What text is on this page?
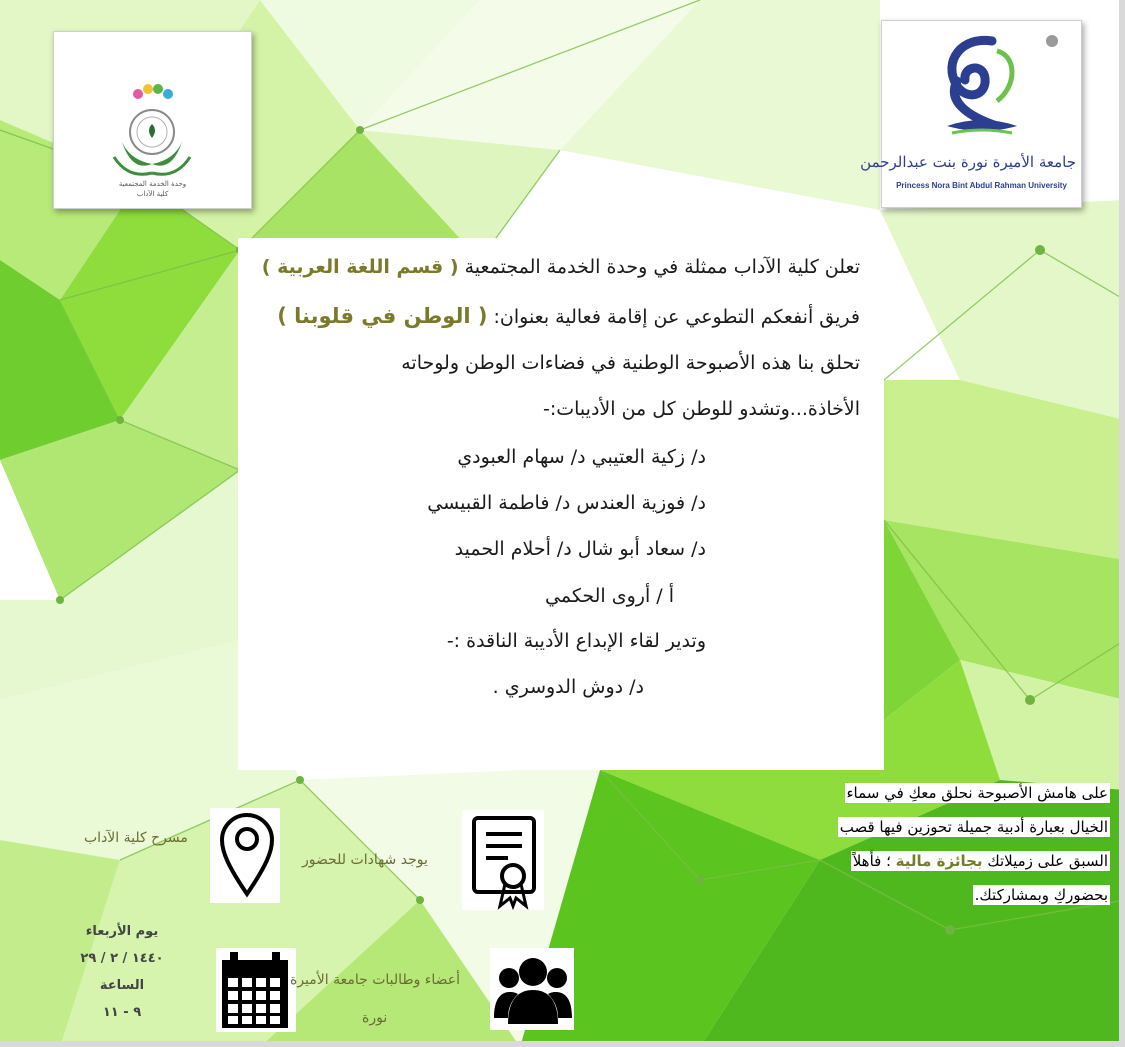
وحدة الخدمة المجتمعية
كلية الآداب
جامعة الأميرة نورة بنت عبدالرحمن
Princess Nora Bint Abdul Rahman University
تعلن كلية الآداب ممثلة في وحدة الخدمة المجتمعية ( قسم اللغة العربية )
فريق أنفعكم التطوعي عن إقامة فعالية بعنوان: ( الوطن في قلوبنا )
تحلق بنا هذه الأصبوحة الوطنية في فضاءات الوطن ولوحاته
الأخاذة...وتشدو للوطن كل من الأديبات:-
د/ زكية العتيبي د/ سهام العبودي
د/ فوزية العندس د/ فاطمة القبيسي
د/ سعاد أبو شال د/ أحلام الحميد
أ / أروى الحكمي
وتدير لقاء الإبداع الأديبة الناقدة :-
د/ دوش الدوسري .
على هامش الأصبوحة نحلق معكِ في سماء
الخيال بعبارة أدبية جميلة تحوزين فيها قصب
السبق على زميلاتك بجائزة مالية ؛ فأهلاً
بحضوركِ وبمشاركتك.
مسرح كلية الآداب
يوجد شهادات للحضور
يوم الأربعاء
١٤٤٠ / ٢ / ٢٩
الساعة
٩ - ١١
أعضاء وطالبات جامعة الأميرة
نورة
